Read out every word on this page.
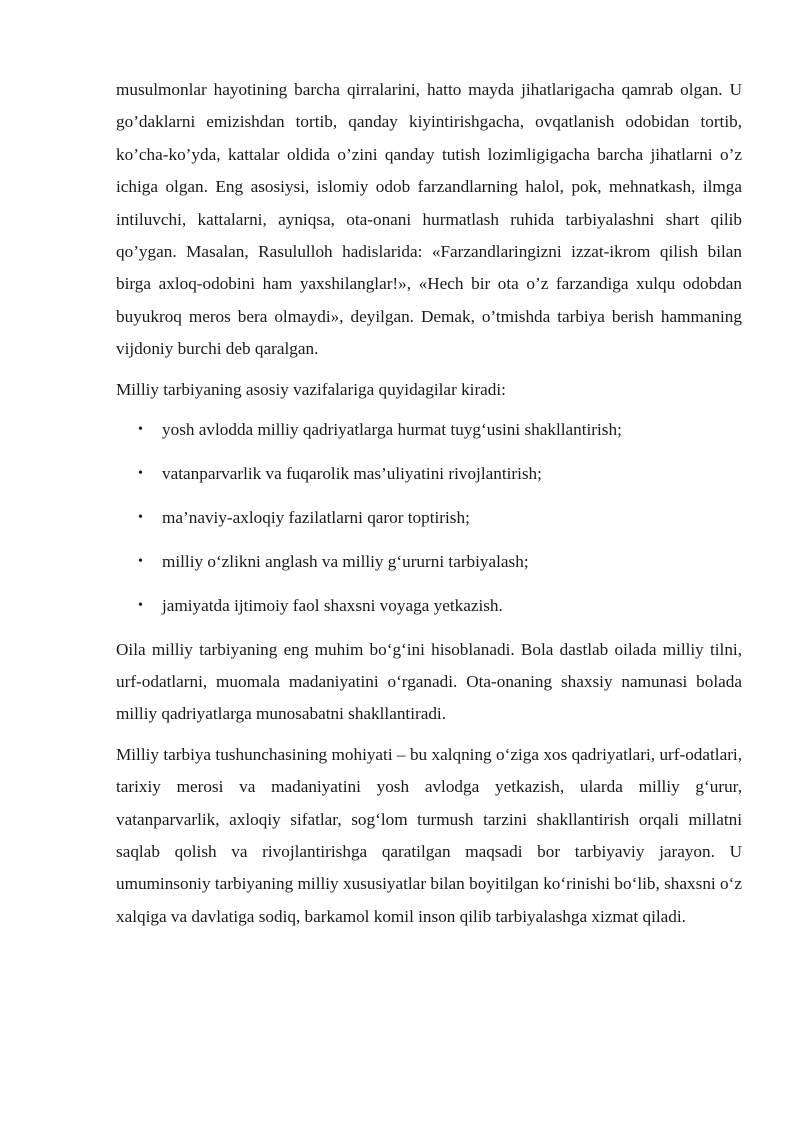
musulmonlar hayotining barcha qirralarini, hatto mayda jihatlarigacha qamrab olgan. U go’daklarni emizishdan tortib, qanday kiyintirishgacha, ovqatlanish odobidan tortib, ko’cha-ko’yda, kattalar oldida o’zini qanday tutish lozimligigacha barcha jihatlarni o’z ichiga olgan. Eng asosiysi, islomiy odob farzandlarning halol, pok, mehnatkash, ilmga intiluvchi, kattalarni, ayniqsa, ota-onani hurmatlash ruhida tarbiyalashni shart qilib qo’ygan. Masalan, Rasululloh hadislarida: «Farzandlaringizni izzat-ikrom qilish bilan birga axloq-odobini ham yaxshilanglar!», «Hech bir ota o’z farzandiga xulqu odobdan buyukroq meros bera olmaydi», deyilgan. Demak, o’tmishda tarbiya berish hammaning vijdoniy burchi deb qaralgan.

Milliy tarbiyaning asosiy vazifalariga quyidagilar kiradi:

• yosh avlodda milliy qadriyatlarga hurmat tuyg‘usini shakllantirish;
• vatanparvarlik va fuqarolik mas’uliyatini rivojlantirish;
• ma’naviy-axloqiy fazilatlarni qaror toptirish;
• milliy o‘zlikni anglash va milliy g‘ururni tarbiyalash;
• jamiyatda ijtimoiy faol shaxsni voyaga yetkazish.

Oila milliy tarbiyaning eng muhim bo‘g‘ini hisoblanadi. Bola dastlab oilada milliy tilni, urf-odatlarni, muomala madaniyatini o‘rganadi. Ota-onaning shaxsiy namunasi bolada milliy qadriyatlarga munosabatni shakllantiradi.

Milliy tarbiya tushunchasining mohiyati – bu xalqning o‘ziga xos qadriyatlari, urf-odatlari, tarixiy merosi va madaniyatini yosh avlodga yetkazish, ularda milliy g‘urur, vatanparvarlik, axloqiy sifatlar, sog‘lom turmush tarzini shakllantirish orqali millatni saqlab qolish va rivojlantirishga qaratilgan maqsadi bor tarbiyaviy jarayon. U umuminsoniy tarbiyaning milliy xususiyatlar bilan boyitilgan ko‘rinishi bo‘lib, shaxsni o‘z xalqiga va davlatiga sodiq, barkamol komil inson qilib tarbiyalashga xizmat qiladi.
